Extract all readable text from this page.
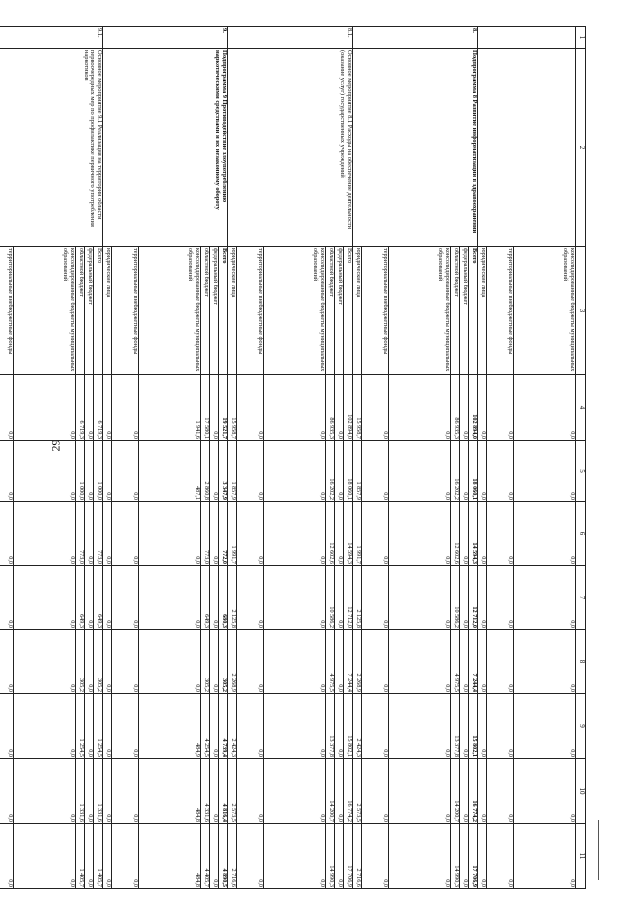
29
1	2	3	4	5	6	7	8	9	10	11
		консолидированные бюджеты муниципальных образований	0,0	0,0	0,0	0,0	0,0	0,0	0,0	0,0
		территориальные внебюджетные фонды	0,0	0,0	0,0	0,0	0,0	0,0	0,0	0,0
		юридические лица	0,0	0,0	0,0	0,0	0,0	0,0	0,0	0,0
8.	Подпрограмма 8 Развитие информатизации в здравоохранении	Всего	102 894,0	18 060,1	14 594,3	12 712,0	7 244,4	15 802,1	16 774,2	17 706,9
		федеральный бюджет	0,0	0,0	0,0	0,0	0,0	0,0	0,0	0,0
		областной бюджет	86 935,3	16 202,2	12 602,6	10 586,2	4 975,5	13 377,8	14 200,7	14 990,3
		консолидированные бюджеты муниципальных образований	0,0	0,0	0,0	0,0	0,0	0,0	0,0	0,0
		территориальные внебюджетные фонды	0,0	0,0	0,0	0,0	0,0	0,0	0,0	0,0
		юридические лица	15 958,7	1 857,9	1 991,7	2 125,8	2 268,9	2 424,3	2 573,5	2 716,6
8.1.	Основное мероприятие 8.1 Расходы на обеспечение деятельности (оказание услуг) государственных учреждений	Всего	102 894,0	18 060,1	14 594,3	12 712,0	7 244,4	15 802,1	16 774,2	17 706,9
		федеральный бюджет	0,0	0,0	0,0	0,0	0,0	0,0	0,0	0,0
		областной бюджет	86 935,3	16 202,2	12 602,6	10 586,2	4 975,5	13 377,8	14 200,7	14 990,3
		консолидированные бюджеты муниципальных образований	0,0	0,0	0,0	0,0	0,0	0,0	0,0	0,0
		территориальные внебюджетные фонды	0,0	0,0	0,0	0,0	0,0	0,0	0,0	0,0
		юридические лица	15 958,7	1 857,9	1 991,7	2 125,8	2 268,9	2 424,3	2 573,5	2 716,6
9.	Подпрограмма 9 Противодействие злоупотреблению наркотическими средствами и их незаконному обороту	Всего	19 521,7	3 347,9	772,0	680,3	305,2	4 739,4	4 816,4	4 890,5
		федеральный бюджет	0,0	0,0	0,0	0,0	0,0	0,0	0,0	0,0
		областной бюджет	17 580,1	2 860,8	773,0	649,3	305,2	4 254,5	4 331,6	4 405,7
		консолидированные бюджеты муниципальных образований	1 941,6	487,1	0,0	0,0	0,0	484,9	484,8	484,8
		территориальные внебюджетные фонды	0,0	0,0	0,0	0,0	0,0	0,0	0,0	0,0
		юридические лица	0,0	0,0	0,0	0,0	0,0	0,0	0,0	0,0
9.1.	Основное мероприятие 9.1 Реализация на территории области первоочередных мер по профилактике первичного употребления наркотиков	Всего	6 719,3	1 000,0	773,0	649,3	305,2	1 254,5	1 331,6	1 405,7
		федеральный бюджет	0,0	0,0	0,0	0,0	0,0	0,0	0,0	0,0
		областной бюджет	6 719,3	1 000,0	773,0	649,3	305,2	1 254,5	1 331,6	1 405,7
		консолидированные бюджеты муниципальных образований	0,0	0,0	0,0	0,0	0,0	0,0	0,0	0,0
		территориальные внебюджетные фонды	0,0	0,0	0,0	0,0	0,0	0,0	0,0	0,0
